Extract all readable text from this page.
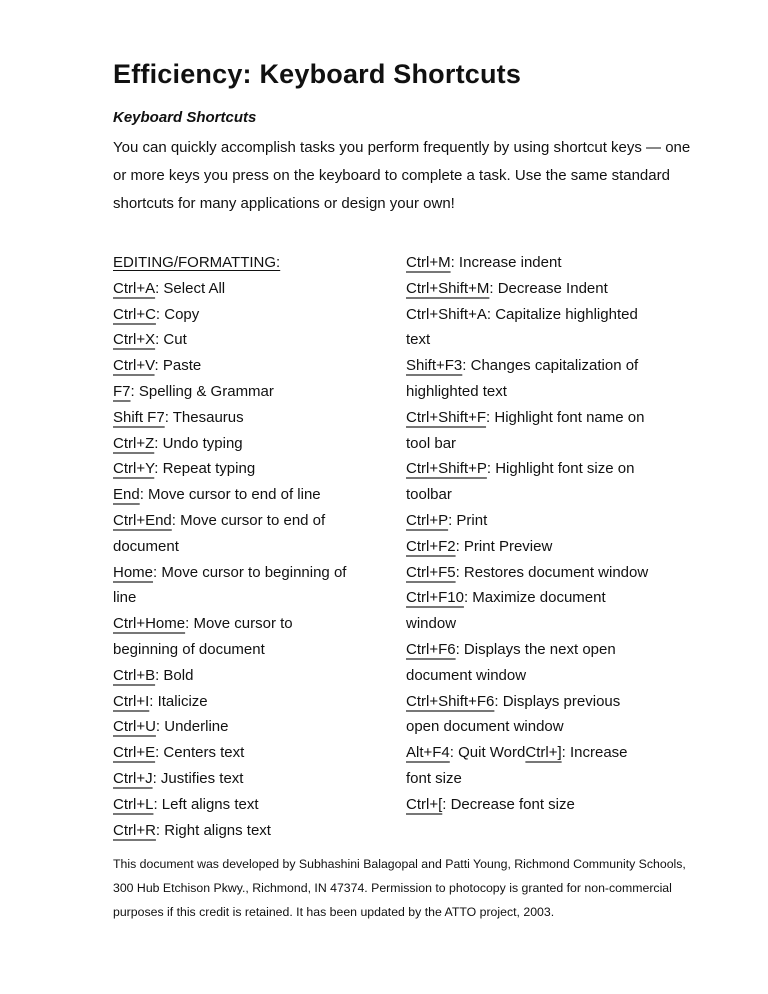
Efficiency: Keyboard Shortcuts
Keyboard Shortcuts
You can quickly accomplish tasks you perform frequently by using shortcut keys — one or more keys you press on the keyboard to complete a task. Use the same standard shortcuts for many applications or design your own!
EDITING/FORMATTING:
Ctrl+A: Select All
Ctrl+C: Copy
Ctrl+X: Cut
Ctrl+V: Paste
F7: Spelling & Grammar
Shift F7: Thesaurus
Ctrl+Z: Undo typing
Ctrl+Y: Repeat typing
End: Move cursor to end of line
Ctrl+End: Move cursor to end of
document
Home: Move cursor to beginning of
line
Ctrl+Home: Move cursor to
beginning of document
Ctrl+B: Bold
Ctrl+I: Italicize
Ctrl+U: Underline
Ctrl+E: Centers text
Ctrl+J: Justifies text
Ctrl+L: Left aligns text
Ctrl+R: Right aligns text
Ctrl+M: Increase indent
Ctrl+Shift+M: Decrease Indent
Ctrl+Shift+A: Capitalize highlighted
text
Shift+F3: Changes capitalization of
highlighted text
Ctrl+Shift+F: Highlight font name on
tool bar
Ctrl+Shift+P: Highlight font size on
toolbar
Ctrl+P: Print
Ctrl+F2: Print Preview
Ctrl+F5: Restores document window
Ctrl+F10: Maximize document
window
Ctrl+F6: Displays the next open
document window
Ctrl+Shift+F6: Displays previous
open document window
Alt+F4: Quit WordCtrl+]: Increase
font size
Ctrl+[: Decrease font size
This document was developed by Subhashini Balagopal and Patti Young, Richmond Community Schools, 300 Hub Etchison Pkwy., Richmond, IN 47374. Permission to photocopy is granted for non-commercial purposes if this credit is retained. It has been updated by the ATTO project, 2003.
